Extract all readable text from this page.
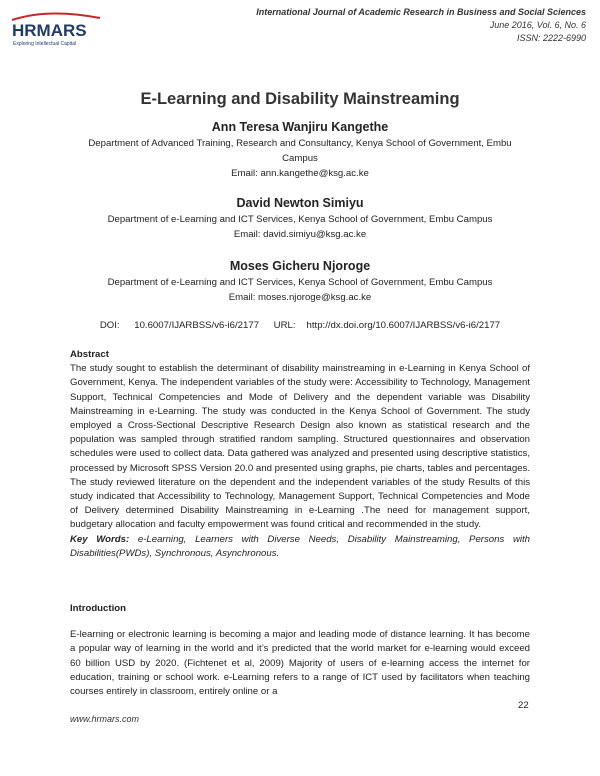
HRMARS
Exploring Intellectual Capital
International Journal of Academic Research in Business and Social Sciences
June 2016, Vol. 6, No. 6
ISSN: 2222-6990
E-Learning and Disability Mainstreaming
Ann Teresa Wanjiru Kangethe
Department of Advanced Training, Research and Consultancy, Kenya School of Government, Embu Campus
Email: ann.kangethe@ksg.ac.ke
David Newton Simiyu
Department of e-Learning and ICT Services, Kenya School of Government, Embu Campus
Email: david.simiyu@ksg.ac.ke
Moses Gicheru Njoroge
Department of e-Learning and ICT Services, Kenya School of Government, Embu Campus
Email: moses.njoroge@ksg.ac.ke
DOI:    10.6007/IJARBSS/v6-i6/2177    URL:   http://dx.doi.org/10.6007/IJARBSS/v6-i6/2177
Abstract
The study sought to establish the determinant of disability mainstreaming in e-Learning in Kenya School of Government, Kenya. The independent variables of the study were: Accessibility to Technology, Management Support, Technical Competencies and Mode of Delivery and the dependent variable was Disability Mainstreaming in e-Learning. The study was conducted in the Kenya School of Government. The study employed a Cross-Sectional Descriptive Research Design also known as statistical research and the population was sampled through stratified random sampling. Structured questionnaires and observation schedules were used to collect data. Data gathered was analyzed and presented using descriptive statistics, processed by Microsoft SPSS Version 20.0 and presented using graphs, pie charts, tables and percentages. The study reviewed literature on the dependent and the independent variables of the study Results of this study indicated that Accessibility to Technology, Management Support, Technical Competencies and Mode of Delivery determined Disability Mainstreaming in e-Learning .The need for management support, budgetary allocation and faculty empowerment was found critical and recommended in the study.
Key Words: e-Learning, Learners with Diverse Needs, Disability Mainstreaming, Persons with Disabilities(PWDs), Synchronous, Asynchronous.
Introduction
E-learning or electronic learning is becoming a major and leading mode of distance learning. It has become a popular way of learning in the world and it’s predicted that the world market for e-learning would exceed 60 billion USD by 2020. (Fichtenet et al, 2009) Majority of users of e-learning access the internet for education, training or school work. e-Learning refers to a range of ICT used by facilitators when teaching courses entirely in classroom, entirely online or a
22
www.hrmars.com
